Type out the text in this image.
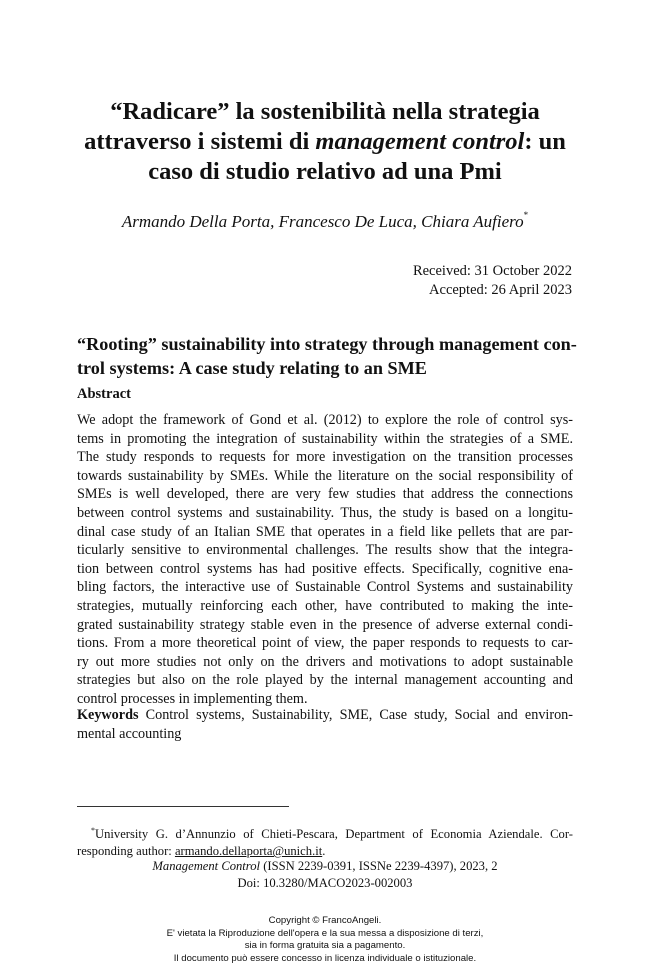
“Radicare” la sostenibilità nella strategia
attraverso i sistemi di management control: un
caso di studio relativo ad una Pmi
Armando Della Porta, Francesco De Luca, Chiara Aufiero*
Received: 31 October 2022
Accepted: 26 April 2023
“Rooting” sustainability into strategy through management con-
trol systems: A case study relating to an SME
Abstract
We adopt the framework of Gond et al. (2012) to explore the role of control sys-
tems in promoting the integration of sustainability within the strategies of a SME.
The study responds to requests for more investigation on the transition processes
towards sustainability by SMEs. While the literature on the social responsibility of
SMEs is well developed, there are very few studies that address the connections
between control systems and sustainability. Thus, the study is based on a longitu-
dinal case study of an Italian SME that operates in a field like pellets that are par-
ticularly sensitive to environmental challenges. The results show that the integra-
tion between control systems has had positive effects. Specifically, cognitive ena-
bling factors, the interactive use of Sustainable Control Systems and sustainability
strategies, mutually reinforcing each other, have contributed to making the inte-
grated sustainability strategy stable even in the presence of adverse external condi-
tions. From a more theoretical point of view, the paper responds to requests to car-
ry out more studies not only on the drivers and motivations to adopt sustainable
strategies but also on the role played by the internal management accounting and
control processes in implementing them.
Keywords Control systems, Sustainability, SME, Case study, Social and environ-
mental accounting
*University G. d’Annunzio of Chieti-Pescara, Department of Economia Aziendale. Cor-
responding author: armando.dellaporta@unich.it.
Management Control (ISSN 2239-0391, ISSNe 2239-4397), 2023, 2
Doi: 10.3280/MACO2023-002003
Copyright © FrancoAngeli.
E' vietata la Riproduzione dell'opera e la sua messa a disposizione di terzi,
sia in forma gratuita sia a pagamento.
Il documento può essere concesso in licenza individuale o istituzionale.
